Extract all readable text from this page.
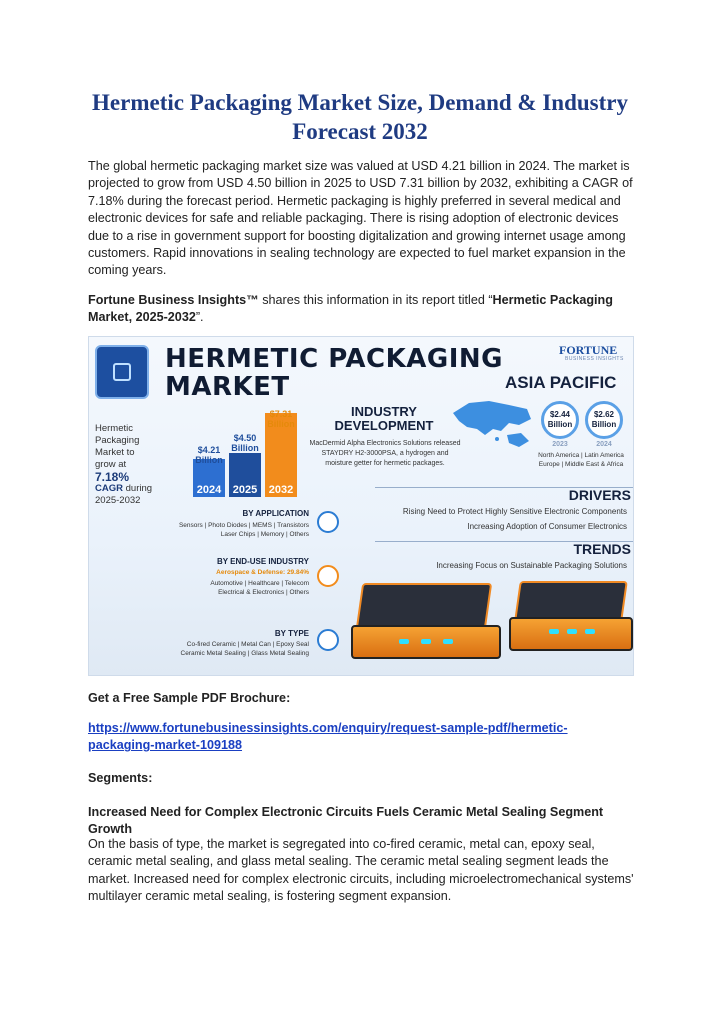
Hermetic Packaging Market Size, Demand & Industry Forecast 2032
The global hermetic packaging market size was valued at USD 4.21 billion in 2024. The market is projected to grow from USD 4.50 billion in 2025 to USD 7.31 billion by 2032, exhibiting a CAGR of 7.18% during the forecast period. Hermetic packaging is highly preferred in several medical and electronic devices for safe and reliable packaging. There is rising adoption of electronic devices due to a rise in government support for boosting digitalization and growing internet usage among customers. Rapid innovations in sealing technology are expected to fuel market expansion in the coming years.
Fortune Business Insights™ shares this information in its report titled “Hermetic Packaging Market, 2025-2032”.
HERMETIC PACKAGING
MARKET
FORTUNE
BUSINESS INSIGHTS
Hermetic Packaging
Market to
grow at
7.18%
CAGR during
2025-2032
2024
$4.21
Billion
2025
$4.50
Billion
2032
$7.31
Billion
INDUSTRY DEVELOPMENT
MacDermid Alpha Electronics Solutions released STAYDRY H2-3000PSA, a hydrogen and moisture getter for hermetic packages.
ASIA PACIFIC
$2.44
Billion
$2.62
Billion
2023	2024
North America | Latin America
Europe | Middle East & Africa
DRIVERS
Rising Need to Protect Highly Sensitive Electronic Components
Increasing Adoption of Consumer Electronics
TRENDS
Increasing Focus on Sustainable Packaging Solutions
BY APPLICATION
Sensors | Photo Diodes | MEMS | Transistors
Laser Chips | Memory | Others
BY END-USE INDUSTRY
Aerospace & Defense: 29.84%
Automotive | Healthcare | Telecom
Electrical & Electronics | Others
BY TYPE
Co-fired Ceramic | Metal Can | Epoxy Seal
Ceramic Metal Sealing | Glass Metal Sealing
Get a Free Sample PDF Brochure:
https://www.fortunebusinessinsights.com/enquiry/request-sample-pdf/hermetic-packaging-market-109188
Segments:
Increased Need for Complex Electronic Circuits Fuels Ceramic Metal Sealing Segment Growth
On the basis of type, the market is segregated into co-fired ceramic, metal can, epoxy seal, ceramic metal sealing, and glass metal sealing. The ceramic metal sealing segment leads the market. Increased need for complex electronic circuits, including microelectromechanical systems' multilayer ceramic metal sealing, is fostering segment expansion.
